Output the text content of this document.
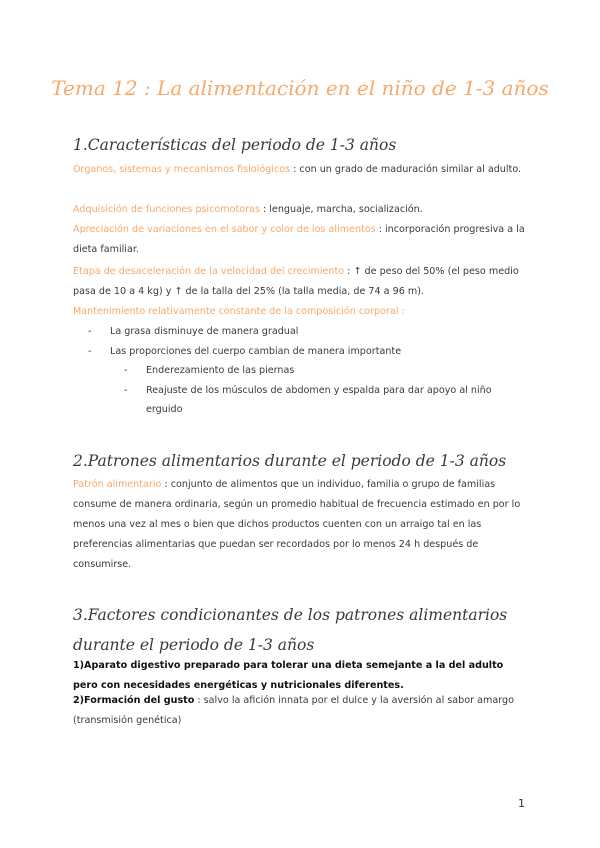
Tema 12 : La alimentación en el niño de 1-3 años
1.Características del periodo de 1-3 años

Órganos, sistemas y mecanismos fisiológicos : con un grado de maduración similar al adulto.

Adquisición de funciones psicomotoras : lenguaje, marcha, socialización.

Apreciación de variaciones en el sabor y color de los alimentos : incorporación progresiva a la dieta familiar.

Etapa de desaceleración de la velocidad del crecimiento : ↑ de peso del 50% (el peso medio pasa de 10 a 4 kg) y ↑ de la talla del 25% (la talla media, de 74 a 96 m).

Mantenimiento relativamente constante de la composición corporal :

- La grasa disminuye de manera gradual

- Las proporciones del cuerpo cambian de manera importante

- Enderezamiento de las piernas

- Reajuste de los músculos de abdomen y espalda para dar apoyo al niño erguido

2.Patrones alimentarios durante el periodo de 1-3 años

Patrón alimentario : conjunto de alimentos que un individuo, familia o grupo de familias consume de manera ordinaria, según un promedio habitual de frecuencia estimado en por lo menos una vez al mes o bien que dichos productos cuenten con un arraigo tal en las preferencias alimentarias que puedan ser recordados por lo menos 24 h después de consumirse.

3.Factores condicionantes de los patrones alimentarios durante el periodo de 1-3 años

1)Aparato digestivo preparado para tolerar una dieta semejante a la del adulto pero con necesidades energéticas y nutricionales diferentes.

2)Formación del gusto : salvo la afición innata por el dulce y la aversión al sabor amargo (transmisión genética)

1
